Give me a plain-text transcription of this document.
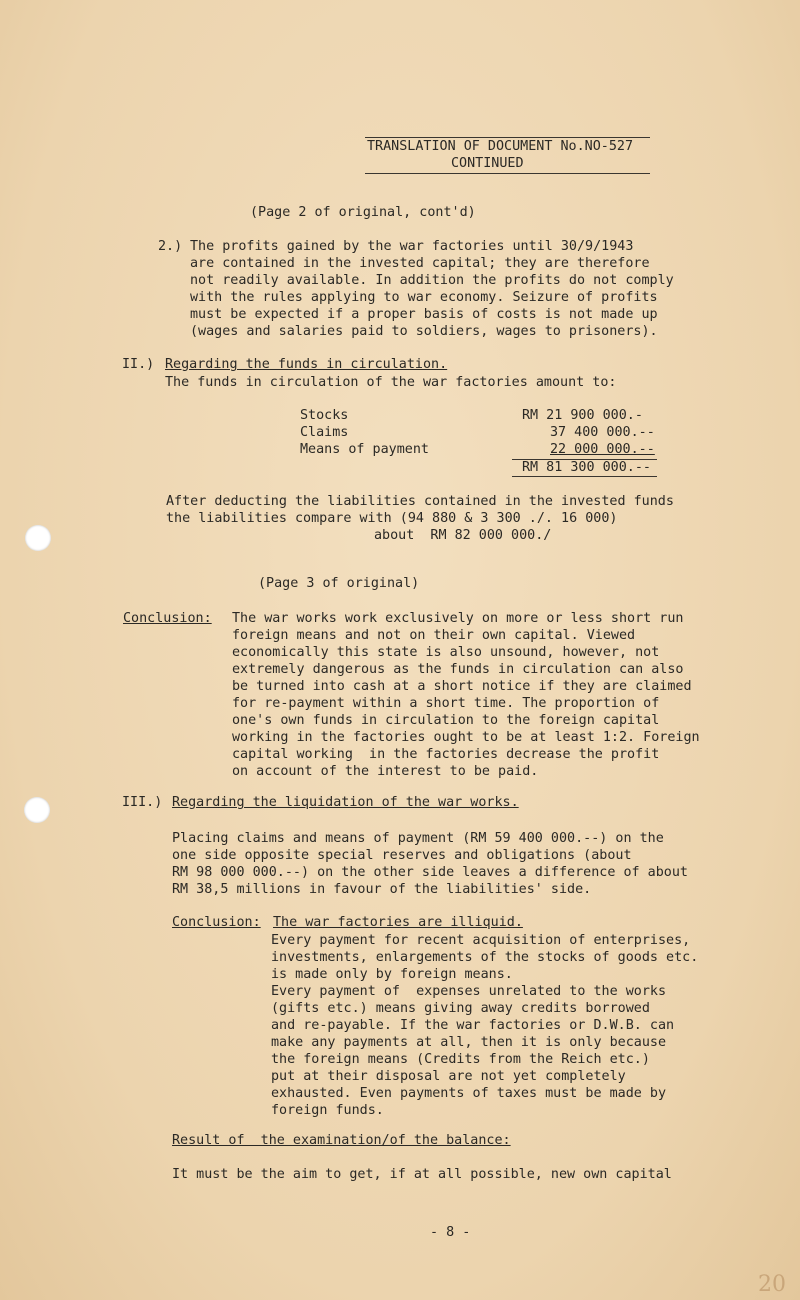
TRANSLATION OF DOCUMENT No.NO-527
CONTINUED
(Page 2 of original, cont'd)
2.) The profits gained by the war factories until 30/9/1943
are contained in the invested capital; they are therefore
not readily available. In addition the profits do not comply
with the rules applying to war economy. Seizure of profits
must be expected if a proper basis of costs is not made up
(wages and salaries paid to soldiers, wages to prisoners).
II.) Regarding the funds in circulation.
The funds in circulation of the war factories amount to:
Stocks	RM 21 900 000.-
Claims	37 400 000.--
Means of payment	22 000 000.--
RM 81 300 000.--
After deducting the liabilities contained in the invested funds
the liabilities compare with (94 880 & 3 300 ./. 16 000)
about  RM 82 000 000./
(Page 3 of original)
Conclusion: The war works work exclusively on more or less short run
foreign means and not on their own capital. Viewed
economically this state is also unsound, however, not
extremely dangerous as the funds in circulation can also
be turned into cash at a short notice if they are claimed
for re-payment within a short time. The proportion of
one's own funds in circulation to the foreign capital
working in the factories ought to be at least 1:2. Foreign
capital working  in the factories decrease the profit
on account of the interest to be paid.
III.) Regarding the liquidation of the war works.
Placing claims and means of payment (RM 59 400 000.--) on the
one side opposite special reserves and obligations (about
RM 98 000 000.--) on the other side leaves a difference of about
RM 38,5 millions in favour of the liabilities' side.
Conclusion: The war factories are illiquid.
Every payment for recent acquisition of enterprises,
investments, enlargements of the stocks of goods etc.
is made only by foreign means.
Every payment of  expenses unrelated to the works
(gifts etc.) means giving away credits borrowed
and re-payable. If the war factories or D.W.B. can
make any payments at all, then it is only because
the foreign means (Credits from the Reich etc.)
put at their disposal are not yet completely
exhausted. Even payments of taxes must be made by
foreign funds.
Result of  the examination/of the balance:
It must be the aim to get, if at all possible, new own capital
- 8 -
20
